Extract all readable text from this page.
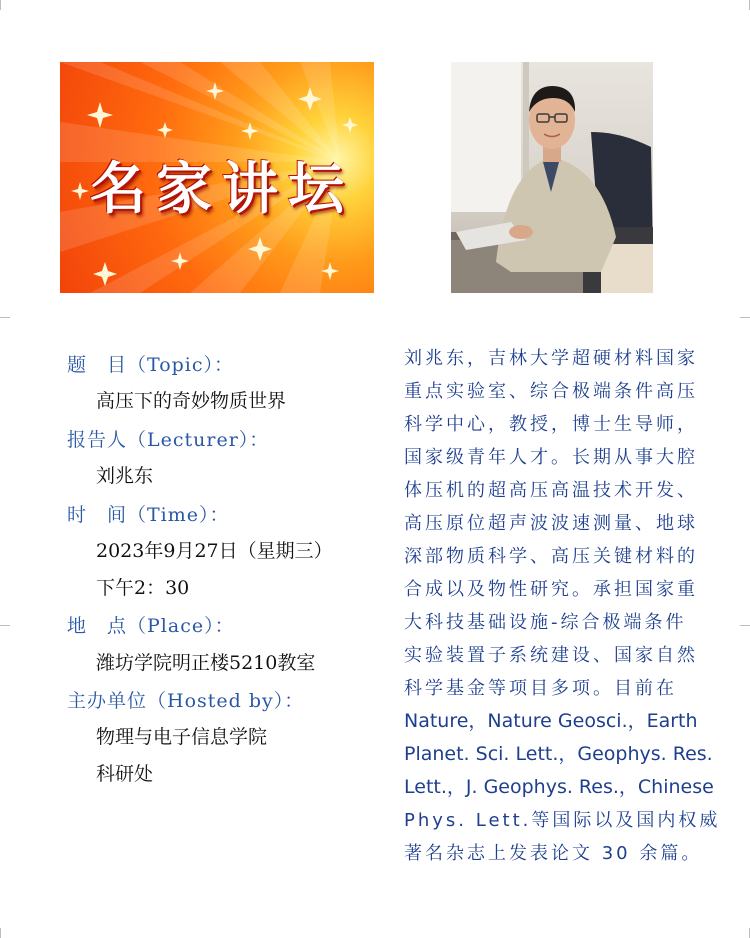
名家讲坛
题　目（Topic）：
高压下的奇妙物质世界
报告人（Lecturer）：
刘兆东
时　间（Time）：
2023年9月27日（星期三）
下午2：30
地　点（Place）：
潍坊学院明正楼5210教室
主办单位（Hosted by）：
物理与电子信息学院
科研处
刘兆东，吉林大学超硬材料国家
重点实验室、综合极端条件高压
科学中心，教授，博士生导师，
国家级青年人才。长期从事大腔
体压机的超高压高温技术开发、
高压原位超声波波速测量、地球
深部物质科学、高压关键材料的
合成以及物性研究。承担国家重
大科技基础设施-综合极端条件
实验装置子系统建设、国家自然
科学基金等项目多项。目前在
Nature，Nature Geosci.，Earth
Planet. Sci. Lett.，Geophys. Res.
Lett.，J. Geophys. Res.，Chinese
Phys. Lett.等国际以及国内权威
著名杂志上发表论文 30 余篇。
